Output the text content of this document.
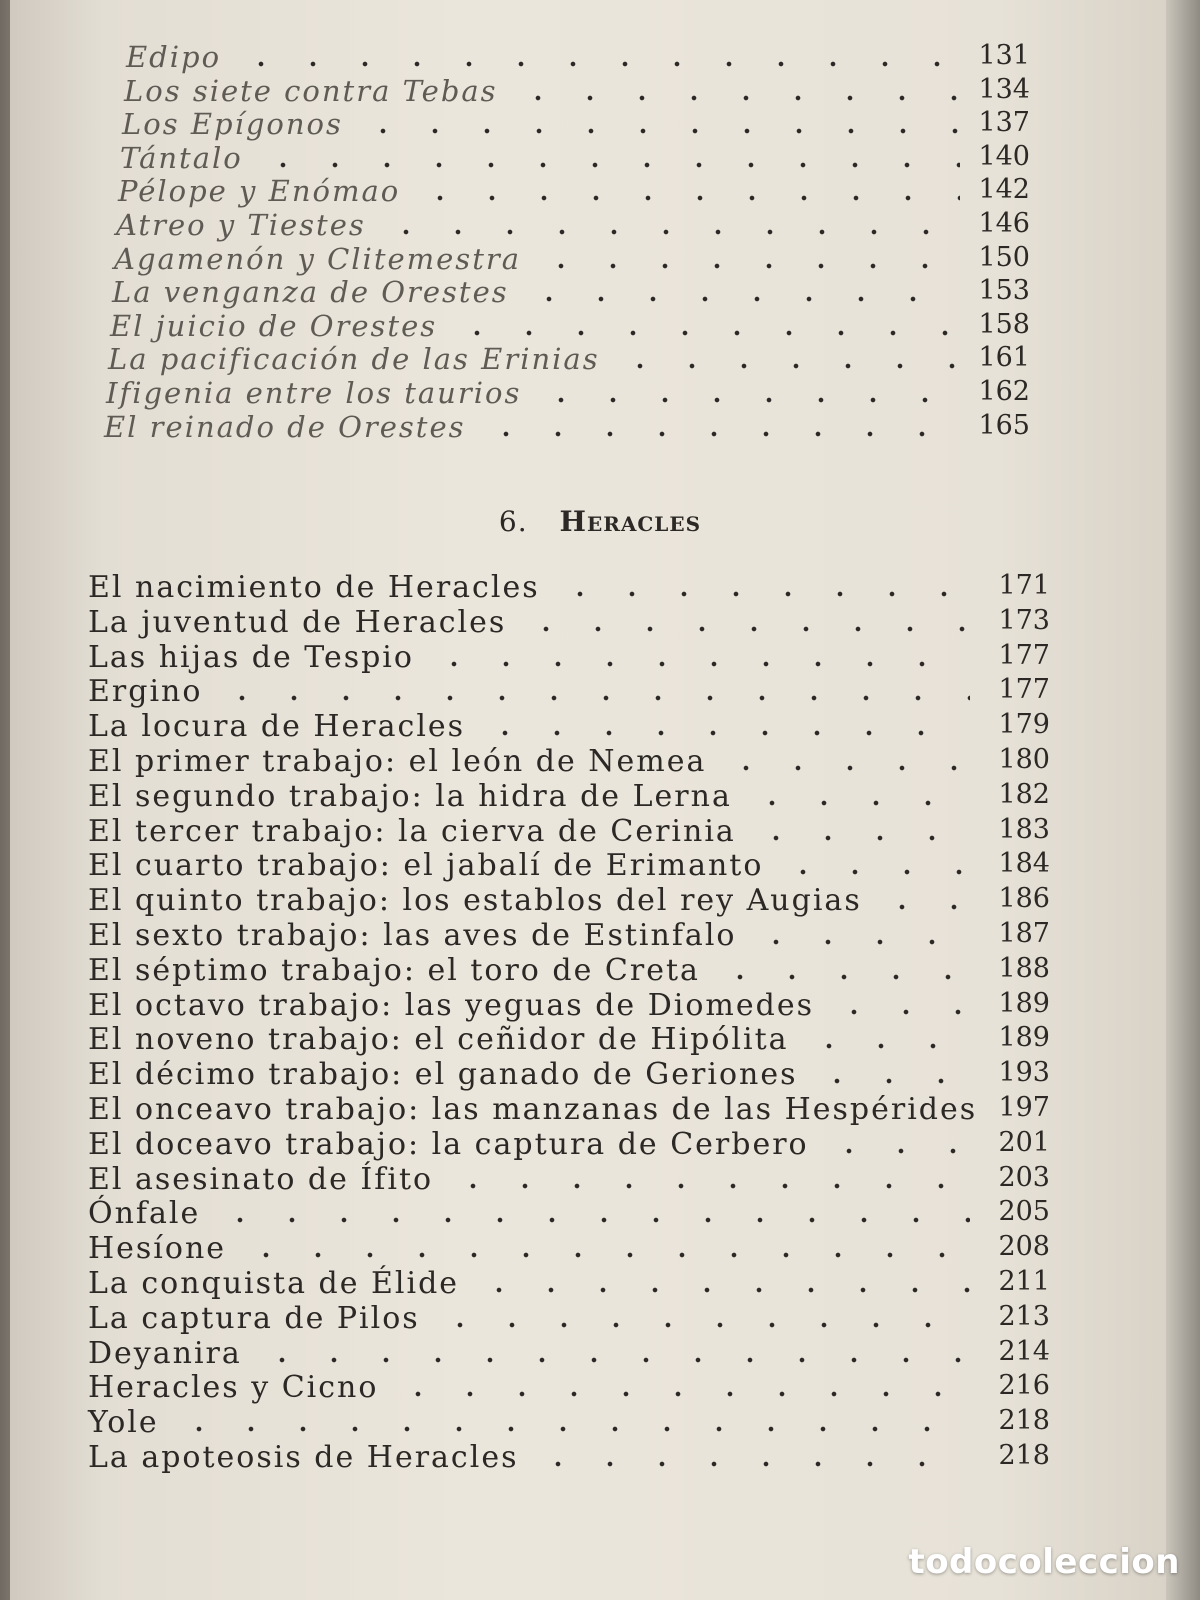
Edipo	131
Los siete contra Tebas	134
Los Epígonos	137
Tántalo	140
Pélope y Enómao	142
Atreo y Tiestes	146
Agamenón y Clitemestra	150
La venganza de Orestes	153
El juicio de Orestes	158
La pacificación de las Erinias	161
Ifigenia entre los taurios	162
El reinado de Orestes	165
6. Heracles
El nacimiento de Heracles	171
La juventud de Heracles	173
Las hijas de Tespio	177
Ergino	177
La locura de Heracles	179
El primer trabajo: el león de Nemea	180
El segundo trabajo: la hidra de Lerna	182
El tercer trabajo: la cierva de Cerinia	183
El cuarto trabajo: el jabalí de Erimanto	184
El quinto trabajo: los establos del rey Augias	186
El sexto trabajo: las aves de Estinfalo	187
El séptimo trabajo: el toro de Creta	188
El octavo trabajo: las yeguas de Diomedes	189
El noveno trabajo: el ceñidor de Hipólita	189
El décimo trabajo: el ganado de Geriones	193
El onceavo trabajo: las manzanas de las Hespérides 197
El doceavo trabajo: la captura de Cerbero	201
El asesinato de Ífito	203
Ónfale	205
Hesíone	208
La conquista de Élide	211
La captura de Pilos	213
Deyanira	214
Heracles y Cicno	216
Yole	218
La apoteosis de Heracles	218
todocoleccion
